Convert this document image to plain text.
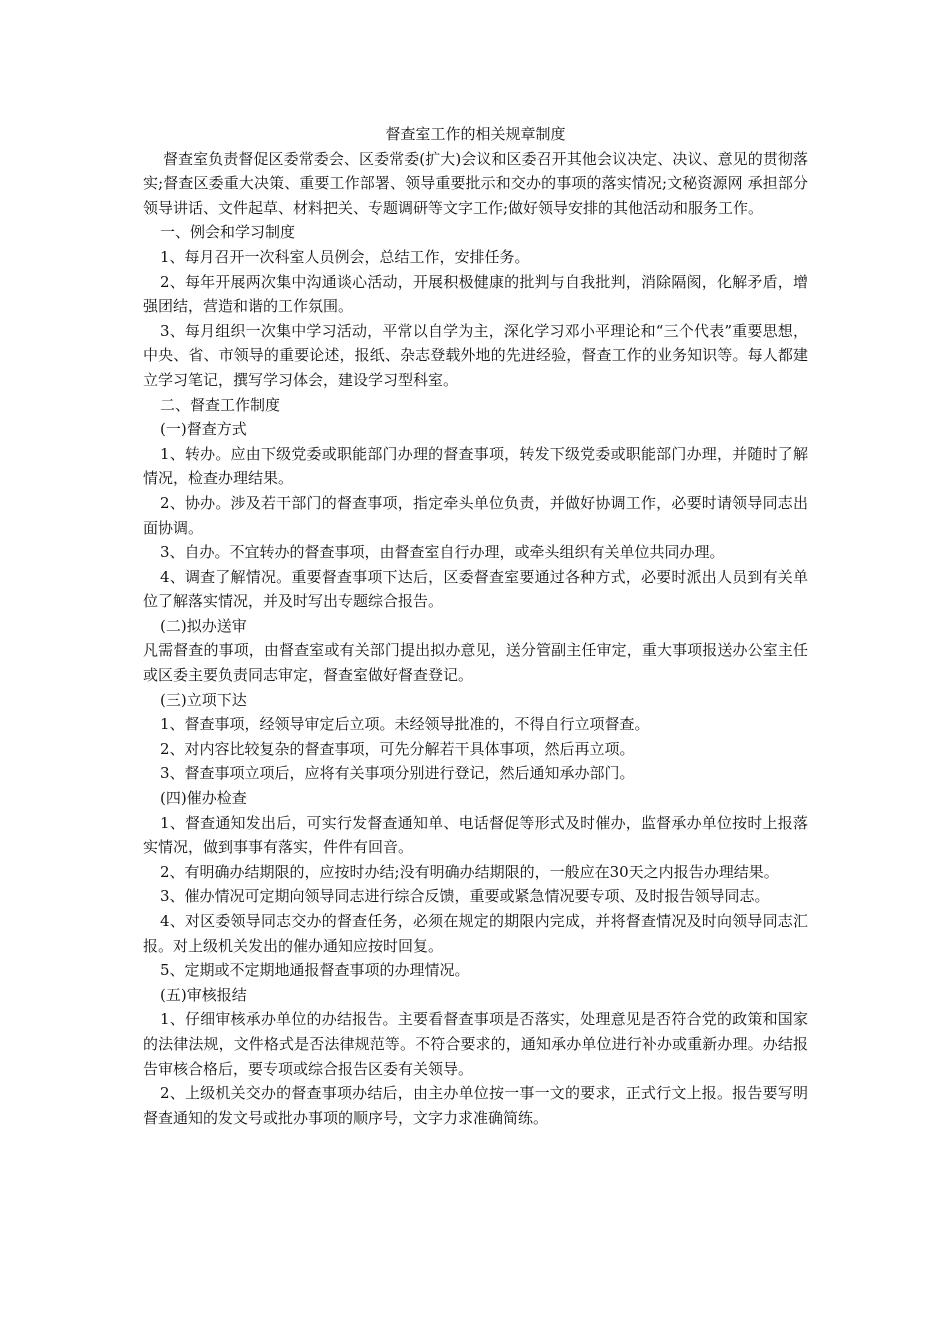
督查室工作的相关规章制度

督查室负责督促区委常委会、区委常委(扩大)会议和区委召开其他会议决定、决议、意见的贯彻落实;督查区委重大决策、重要工作部署、领导重要批示和交办的事项的落实情况;文秘资源网 承担部分领导讲话、文件起草、材料把关、专题调研等文字工作;做好领导安排的其他活动和服务工作。

一、例会和学习制度

1、每月召开一次科室人员例会，总结工作，安排任务。

2、每年开展两次集中沟通谈心活动，开展积极健康的批判与自我批判，消除隔阂，化解矛盾，增强团结，营造和谐的工作氛围。

3、每月组织一次集中学习活动，平常以自学为主，深化学习邓小平理论和“三个代表”重要思想，中央、省、市领导的重要论述，报纸、杂志登载外地的先进经验，督查工作的业务知识等。每人都建立学习笔记，撰写学习体会，建设学习型科室。

二、督查工作制度

(一)督查方式

1、转办。应由下级党委或职能部门办理的督查事项，转发下级党委或职能部门办理，并随时了解情况，检查办理结果。

2、协办。涉及若干部门的督查事项，指定牵头单位负责，并做好协调工作，必要时请领导同志出面协调。

3、自办。不宜转办的督查事项，由督查室自行办理，或牵头组织有关单位共同办理。

4、调查了解情况。重要督查事项下达后，区委督查室要通过各种方式，必要时派出人员到有关单位了解落实情况，并及时写出专题综合报告。

(二)拟办送审

凡需督查的事项，由督查室或有关部门提出拟办意见，送分管副主任审定，重大事项报送办公室主任或区委主要负责同志审定，督查室做好督查登记。

(三)立项下达

1、督查事项，经领导审定后立项。未经领导批准的，不得自行立项督查。

2、对内容比较复杂的督查事项，可先分解若干具体事项，然后再立项。

3、督查事项立项后，应将有关事项分别进行登记，然后通知承办部门。

(四)催办检查

1、督查通知发出后，可实行发督查通知单、电话督促等形式及时催办，监督承办单位按时上报落实情况，做到事事有落实，件件有回音。

2、有明确办结期限的，应按时办结;没有明确办结期限的，一般应在30天之内报告办理结果。

3、催办情况可定期向领导同志进行综合反馈，重要或紧急情况要专项、及时报告领导同志。

4、对区委领导同志交办的督查任务，必须在规定的期限内完成，并将督查情况及时向领导同志汇报。对上级机关发出的催办通知应按时回复。

5、定期或不定期地通报督查事项的办理情况。

(五)审核报结

1、仔细审核承办单位的办结报告。主要看督查事项是否落实，处理意见是否符合党的政策和国家的法律法规，文件格式是否法律规范等。不符合要求的，通知承办单位进行补办或重新办理。办结报告审核合格后，要专项或综合报告区委有关领导。

2、上级机关交办的督查事项办结后，由主办单位按一事一文的要求，正式行文上报。报告要写明督查通知的发文号或批办事项的顺序号，文字力求准确简练。
